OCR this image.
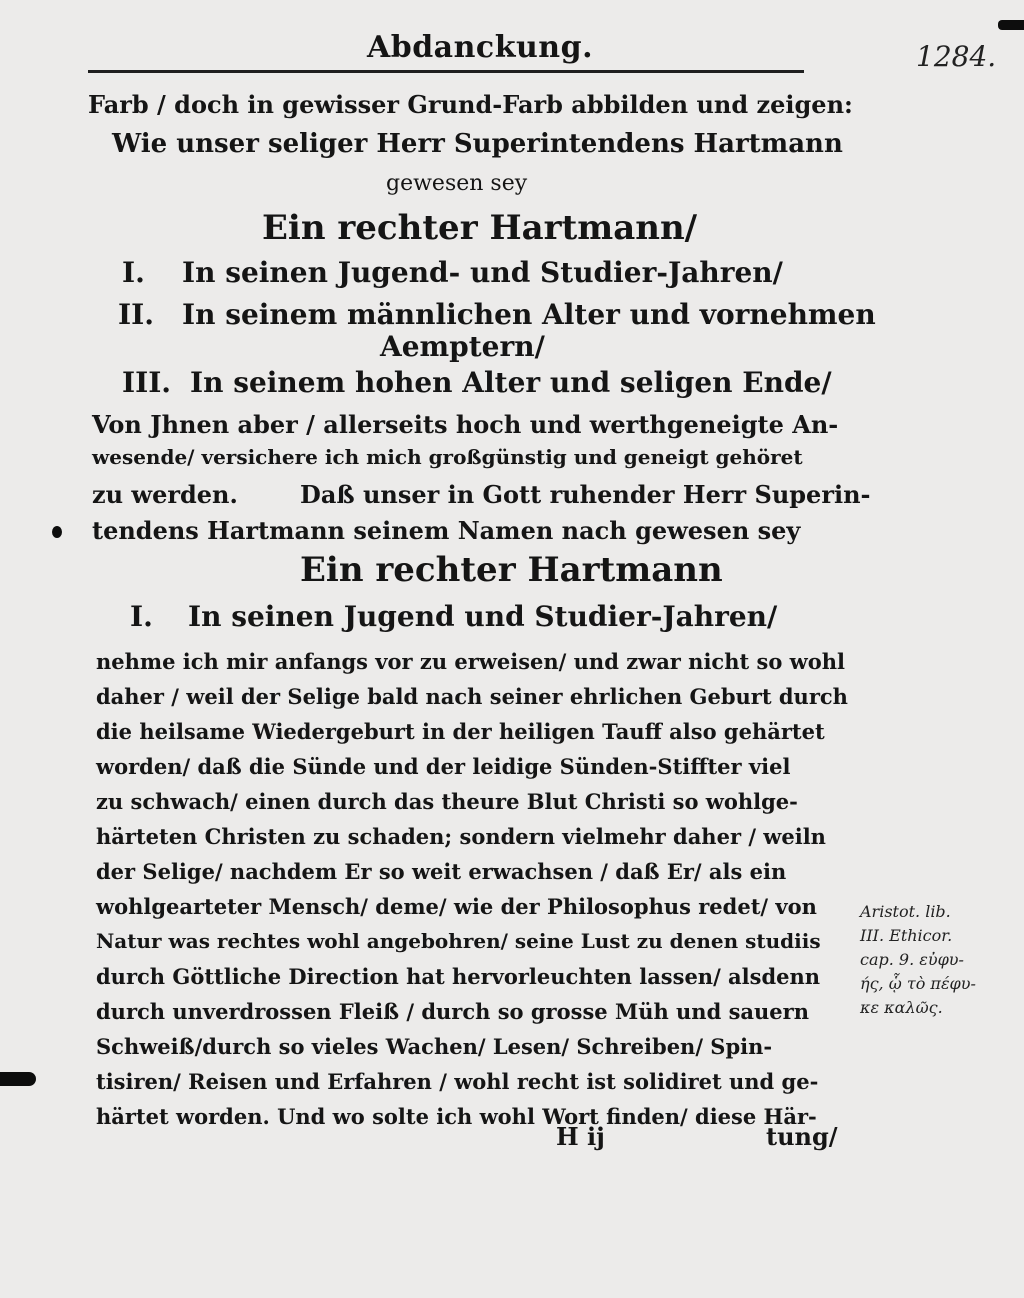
Abdanckung.	1284.
Farb / doch in gewisser Grund-Farb abbilden und zeigen:
Wie unser seliger Herr Superintendens Hartmann
gewesen sey
Ein rechter Hartmann/
I. In seinen Jugend- und Studier-Jahren/
II. In seinem männlichen Alter und vornehmen
Aemptern/
III. In seinem hohen Alter und seligen Ende/
Von Jhnen aber / allerseits hoch und werthgeneigte An-
wesende/ versichere ich mich großgünstig und geneigt gehöret
zu werden.	Daß unser in Gott ruhender Herr Superin-
tendens Hartmann seinem Namen nach gewesen sey
Ein rechter Hartmann
I. In seinen Jugend und Studier-Jahren/
nehme ich mir anfangs vor zu erweisen/ und zwar nicht so wohl
daher / weil der Selige bald nach seiner ehrlichen Geburt durch
die heilsame Wiedergeburt in der heiligen Tauff also gehärtet
worden/ daß die Sünde und der leidige Sünden-Stiffter viel
zu schwach/ einen durch das theure Blut Christi so wohlge-
härteten Christen zu schaden; sondern vielmehr daher / weiln
der Selige/ nachdem Er so weit erwachsen / daß Er/ als ein
wohlgearteter Mensch/ deme/ wie der Philosophus redet/ von
Natur was rechtes wohl angebohren/ seine Lust zu denen studiis
durch Göttliche Direction hat hervorleuchten lassen/ alsdenn
durch unverdrossen Fleiß / durch so grosse Müh und sauern
Schweiß/durch so vieles Wachen/ Lesen/ Schreiben/ Spin-
tisiren/ Reisen und Erfahren / wohl recht ist solidiret und ge-
härtet worden. Und wo solte ich wohl Wort finden/ diese Här-
Aristot. lib.
III. Ethicor.
cap. 9. εὐφυ-
ής, ᾧ τὸ πέφυ-
κε καλῶς.
H ij	tung/
